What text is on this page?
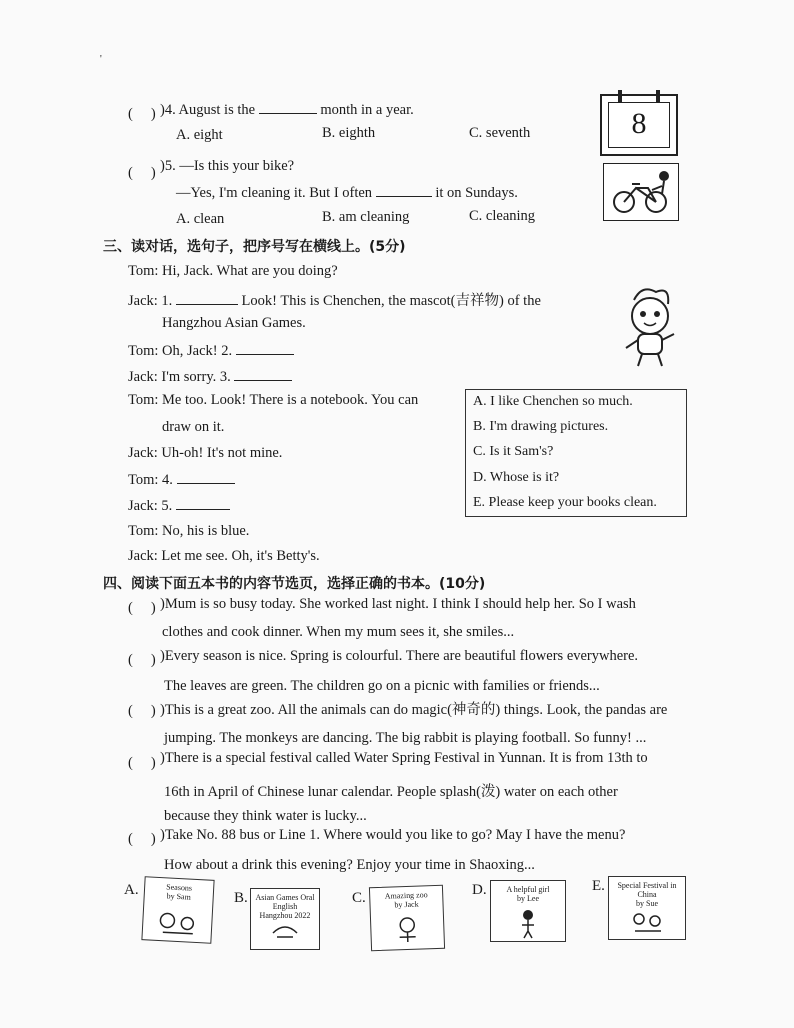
'
( )
)4. August is the	month in a year.
A. eight	B. eighth	C. seventh	8
( )
)5. —Is this your bike?
—Yes, I'm cleaning it. But I often	it on Sundays.
A. clean	B. am cleaning	C. cleaning
三、读对话，选句子，把序号写在横线上。(5分)
Tom: Hi, Jack. What are you doing?
Jack: 1.	Look! This is Chenchen, the mascot(吉祥物) of the
Hangzhou Asian Games.
Tom: Oh, Jack! 2.
Jack: I'm sorry. 3.
Tom: Me too. Look! There is a notebook. You can
draw on it.
Jack: Uh-oh! It's not mine.
Tom: 4.
Jack: 5.
Tom: No, his is blue.
Jack: Let me see. Oh, it's Betty's.
A. I like Chenchen so much.
B. I'm drawing pictures.
C. Is it Sam's?
D. Whose is it?
E. Please keep your books clean.
四、阅读下面五本书的内容节选页，选择正确的书本。(10分)
( )
)Mum is so busy today. She worked last night. I think I should help her. So I wash
clothes and cook dinner. When my mum sees it, she smiles...
( )
)Every season is nice. Spring is colourful. There are beautiful flowers everywhere.
The leaves are green. The children go on a picnic with families or friends...
( )
)This is a great zoo. All the animals can do magic(神奇的) things. Look, the pandas are
jumping. The monkeys are dancing. The big rabbit is playing football. So funny! ...
( )
)There is a special festival called Water Spring Festival in Yunnan. It is from 13th to
16th in April of Chinese lunar calendar. People splash(泼) water on each other
because they think water is lucky...
( )
)Take No. 88 bus or Line 1. Where would you like to go? May I have the menu?
How about a drink this evening? Enjoy your time in Shaoxing...
A.	Seasons
by Sam	B. Asian Games Oral English
Hangzhou 2022
C.	Amazing zoo
by Jack
D.	A helpful girl
by Lee
E.	Special Festival in China
by Sue
